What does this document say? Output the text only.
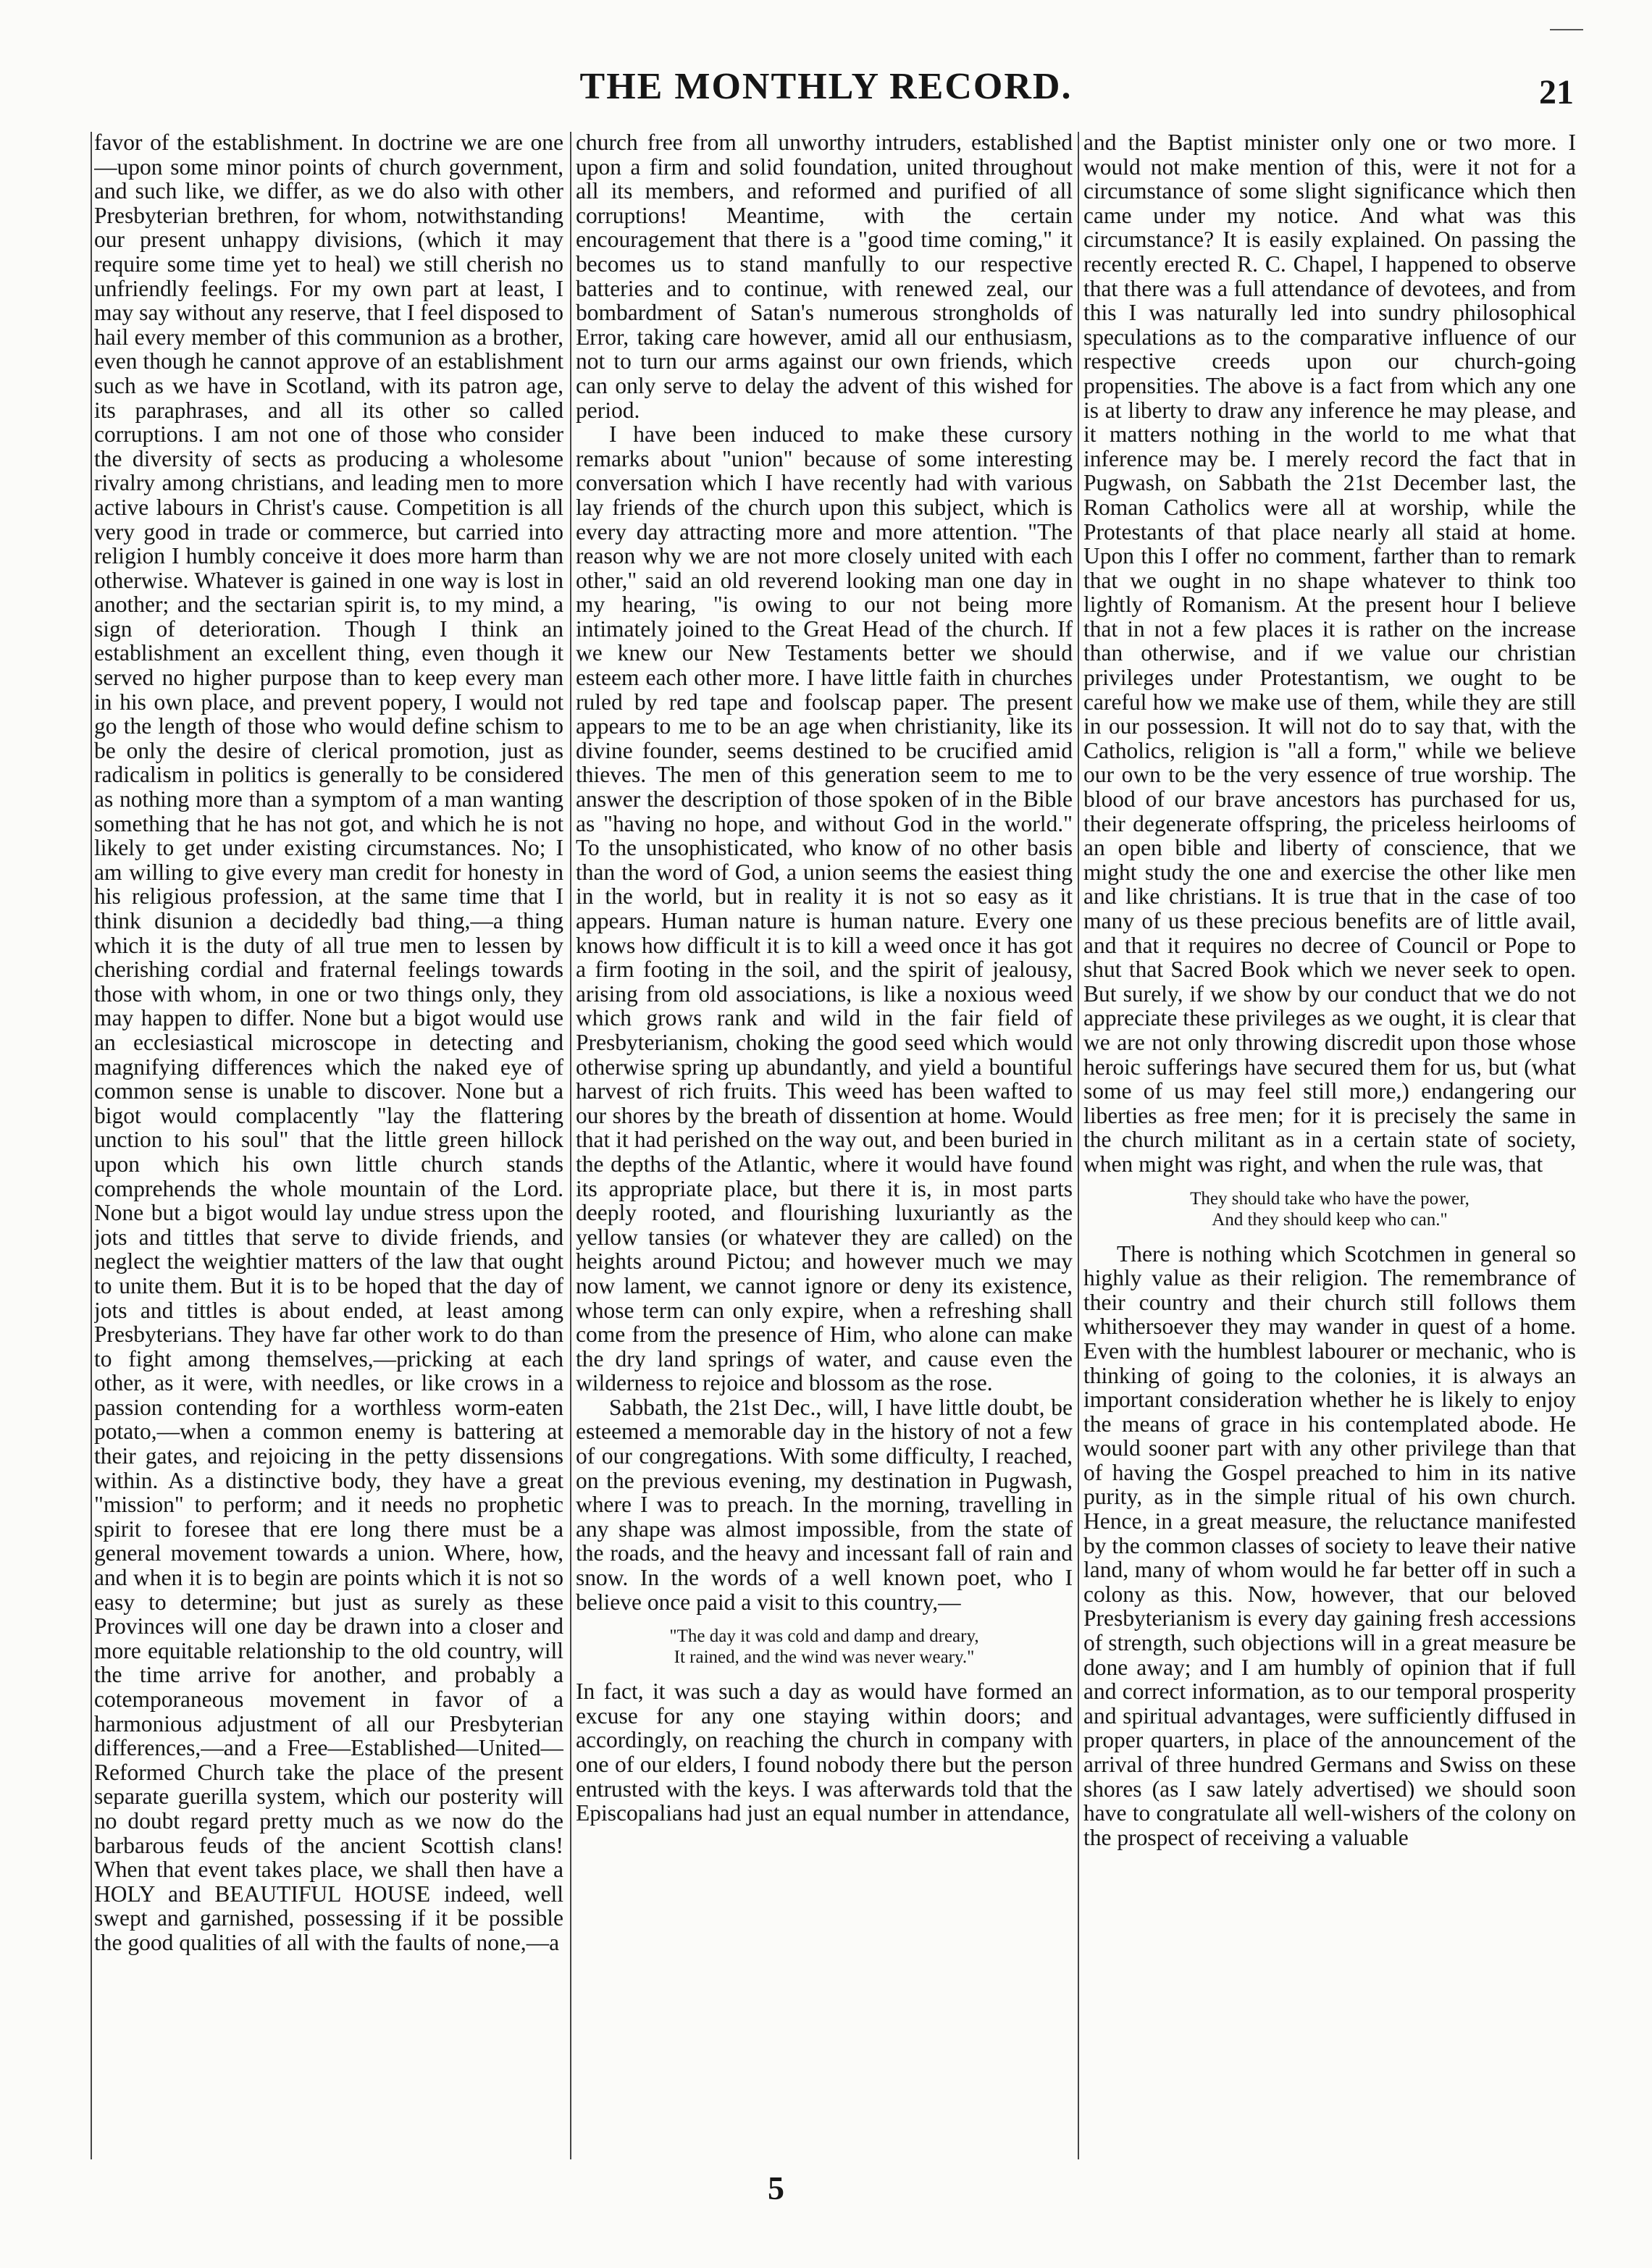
THE MONTHLY RECORD.	21

favor of the establishment. In doctrine we are one—upon some minor points of church government, and such like, we differ, as we do also with other Presbyterian brethren, for whom, notwithstanding our present unhappy divisions, (which it may require some time yet to heal) we still cherish no unfriendly feelings. For my own part at least, I may say without any reserve, that I feel disposed to hail every member of this communion as a brother, even though he cannot approve of an establishment such as we have in Scotland, with its patron age, its paraphrases, and all its other so called corruptions. I am not one of those who consider the diversity of sects as producing a wholesome rivalry among christians, and leading men to more active labours in Christ's cause. Competition is all very good in trade or commerce, but carried into religion I humbly conceive it does more harm than otherwise. Whatever is gained in one way is lost in another; and the sectarian spirit is, to my mind, a sign of deterioration. Though I think an establishment an excellent thing, even though it served no higher purpose than to keep every man in his own place, and prevent popery, I would not go the length of those who would define schism to be only the desire of clerical promotion, just as radicalism in politics is generally to be considered as nothing more than a symptom of a man wanting something that he has not got, and which he is not likely to get under existing circumstances. No; I am willing to give every man credit for honesty in his religious profession, at the same time that I think disunion a decidedly bad thing,—a thing which it is the duty of all true men to lessen by cherishing cordial and fraternal feelings towards those with whom, in one or two things only, they may happen to differ. None but a bigot would use an ecclesiastical microscope in detecting and magnifying differences which the naked eye of common sense is unable to discover. None but a bigot would complacently "lay the flattering unction to his soul" that the little green hillock upon which his own little church stands comprehends the whole mountain of the Lord. None but a bigot would lay undue stress upon the jots and tittles that serve to divide friends, and neglect the weightier matters of the law that ought to unite them. But it is to be hoped that the day of jots and tittles is about ended, at least among Presbyterians. They have far other work to do than to fight among themselves,—pricking at each other, as it were, with needles, or like crows in a passion contending for a worthless worm-eaten potato,—when a common enemy is battering at their gates, and rejoicing in the petty dissensions within. As a distinctive body, they have a great "mission" to perform; and it needs no prophetic spirit to foresee that ere long there must be a general movement towards a union. Where, how, and when it is to begin are points which it is not so easy to determine; but just as surely as these Provinces will one day be drawn into a closer and more equitable relationship to the old country, will the time arrive for another, and probably a cotemporaneous movement in favor of a harmonious adjustment of all our Presbyterian differences,—and a Free—Established—United—Reformed Church take the place of the present separate guerilla system, which our posterity will no doubt regard pretty much as we now do the barbarous feuds of the ancient Scottish clans! When that event takes place, we shall then have a HOLY and BEAUTIFUL HOUSE indeed, well swept and garnished, possessing if it be possible the good qualities of all with the faults of none,—a

church free from all unworthy intruders, established upon a firm and solid foundation, united throughout all its members, and reformed and purified of all corruptions! Meantime, with the certain encouragement that there is a "good time coming," it becomes us to stand manfully to our respective batteries and to continue, with renewed zeal, our bombardment of Satan's numerous strongholds of Error, taking care however, amid all our enthusiasm, not to turn our arms against our own friends, which can only serve to delay the advent of this wished for period.

I have been induced to make these cursory remarks about "union" because of some interesting conversation which I have recently had with various lay friends of the church upon this subject, which is every day attracting more and more attention. "The reason why we are not more closely united with each other," said an old reverend looking man one day in my hearing, "is owing to our not being more intimately joined to the Great Head of the church. If we knew our New Testaments better we should esteem each other more. I have little faith in churches ruled by red tape and foolscap paper. The present appears to me to be an age when christianity, like its divine founder, seems destined to be crucified amid thieves. The men of this generation seem to me to answer the description of those spoken of in the Bible as "having no hope, and without God in the world." To the unsophisticated, who know of no other basis than the word of God, a union seems the easiest thing in the world, but in reality it is not so easy as it appears. Human nature is human nature. Every one knows how difficult it is to kill a weed once it has got a firm footing in the soil, and the spirit of jealousy, arising from old associations, is like a noxious weed which grows rank and wild in the fair field of Presbyterianism, choking the good seed which would otherwise spring up abundantly, and yield a bountiful harvest of rich fruits. This weed has been wafted to our shores by the breath of dissention at home. Would that it had perished on the way out, and been buried in the depths of the Atlantic, where it would have found its appropriate place, but there it is, in most parts deeply rooted, and flourishing luxuriantly as the yellow tansies (or whatever they are called) on the heights around Pictou; and however much we may now lament, we cannot ignore or deny its existence, whose term can only expire, when a refreshing shall come from the presence of Him, who alone can make the dry land springs of water, and cause even the wilderness to rejoice and blossom as the rose.

Sabbath, the 21st Dec., will, I have little doubt, be esteemed a memorable day in the history of not a few of our congregations. With some difficulty, I reached, on the previous evening, my destination in Pugwash, where I was to preach. In the morning, travelling in any shape was almost impossible, from the state of the roads, and the heavy and incessant fall of rain and snow. In the words of a well known poet, who I believe once paid a visit to this country,—

"The day it was cold and damp and dreary,
It rained, and the wind was never weary."

In fact, it was such a day as would have formed an excuse for any one staying within doors; and accordingly, on reaching the church in company with one of our elders, I found nobody there but the person entrusted with the keys. I was afterwards told that the Episcopalians had just an equal number in attendance,

and the Baptist minister only one or two more. I would not make mention of this, were it not for a circumstance of some slight significance which then came under my notice. And what was this circumstance? It is easily explained. On passing the recently erected R. C. Chapel, I happened to observe that there was a full attendance of devotees, and from this I was naturally led into sundry philosophical speculations as to the comparative influence of our respective creeds upon our church-going propensities. The above is a fact from which any one is at liberty to draw any inference he may please, and it matters nothing in the world to me what that inference may be. I merely record the fact that in Pugwash, on Sabbath the 21st December last, the Roman Catholics were all at worship, while the Protestants of that place nearly all staid at home. Upon this I offer no comment, farther than to remark that we ought in no shape whatever to think too lightly of Romanism. At the present hour I believe that in not a few places it is rather on the increase than otherwise, and if we value our christian privileges under Protestantism, we ought to be careful how we make use of them, while they are still in our possession. It will not do to say that, with the Catholics, religion is "all a form," while we believe our own to be the very essence of true worship. The blood of our brave ancestors has purchased for us, their degenerate offspring, the priceless heirlooms of an open bible and liberty of conscience, that we might study the one and exercise the other like men and like christians. It is true that in the case of too many of us these precious benefits are of little avail, and that it requires no decree of Council or Pope to shut that Sacred Book which we never seek to open. But surely, if we show by our conduct that we do not appreciate these privileges as we ought, it is clear that we are not only throwing discredit upon those whose heroic sufferings have secured them for us, but (what some of us may feel still more,) endangering our liberties as free men; for it is precisely the same in the church militant as in a certain state of society, when might was right, and when the rule was, that

They should take who have the power,
And they should keep who can."

There is nothing which Scotchmen in general so highly value as their religion. The remembrance of their country and their church still follows them whithersoever they may wander in quest of a home. Even with the humblest labourer or mechanic, who is thinking of going to the colonies, it is always an important consideration whether he is likely to enjoy the means of grace in his contemplated abode. He would sooner part with any other privilege than that of having the Gospel preached to him in its native purity, as in the simple ritual of his own church. Hence, in a great measure, the reluctance manifested by the common classes of society to leave their native land, many of whom would he far better off in such a colony as this. Now, however, that our beloved Presbyterianism is every day gaining fresh accessions of strength, such objections will in a great measure be done away; and I am humbly of opinion that if full and correct information, as to our temporal prosperity and spiritual advantages, were sufficiently diffused in proper quarters, in place of the announcement of the arrival of three hundred Germans and Swiss on these shores (as I saw lately advertised) we should soon have to congratulate all well-wishers of the colony on the prospect of receiving a valuable

5
